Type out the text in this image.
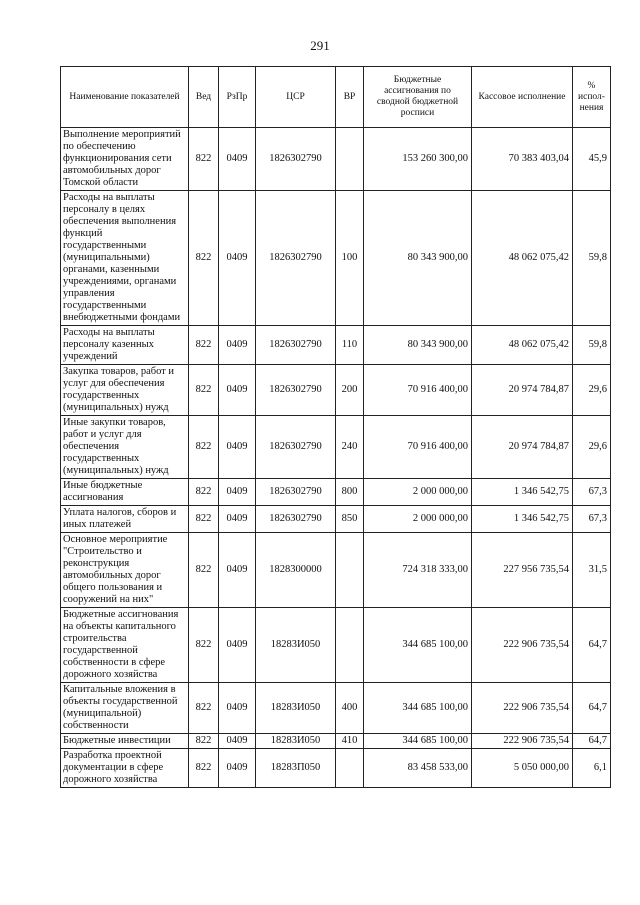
291
Наименование показателей	Вед	РзПр	ЦСР	ВР	Бюджетные ассигнования по сводной бюджетной росписи	Кассовое исполнение	% испол-нения
Выполнение мероприятий по обеспечению функционирования сети автомобильных дорог Томской области	822	0409	1826302790		153 260 300,00	70 383 403,04	45,9
Расходы на выплаты персоналу в целях обеспечения выполнения функций государственными (муниципальными) органами, казенными учреждениями, органами управления государственными внебюджетными фондами	822	0409	1826302790	100	80 343 900,00	48 062 075,42	59,8
Расходы на выплаты персоналу казенных учреждений	822	0409	1826302790	110	80 343 900,00	48 062 075,42	59,8
Закупка товаров, работ и услуг для обеспечения государственных (муниципальных) нужд	822	0409	1826302790	200	70 916 400,00	20 974 784,87	29,6
Иные закупки товаров, работ и услуг для обеспечения государственных (муниципальных) нужд	822	0409	1826302790	240	70 916 400,00	20 974 784,87	29,6
Иные бюджетные ассигнования	822	0409	1826302790	800	2 000 000,00	1 346 542,75	67,3
Уплата налогов, сборов и иных платежей	822	0409	1826302790	850	2 000 000,00	1 346 542,75	67,3
Основное мероприятие "Строительство и реконструкция автомобильных дорог общего пользования и сооружений на них"	822	0409	1828300000		724 318 333,00	227 956 735,54	31,5
Бюджетные ассигнования на объекты капитального строительства государственной собственности в сфере дорожного хозяйства	822	0409	18283И050		344 685 100,00	222 906 735,54	64,7
Капитальные вложения в объекты государственной (муниципальной) собственности	822	0409	18283И050	400	344 685 100,00	222 906 735,54	64,7
Бюджетные инвестиции	822	0409	18283И050	410	344 685 100,00	222 906 735,54	64,7
Разработка проектной документации в сфере дорожного хозяйства	822	0409	18283П050		83 458 533,00	5 050 000,00	6,1
